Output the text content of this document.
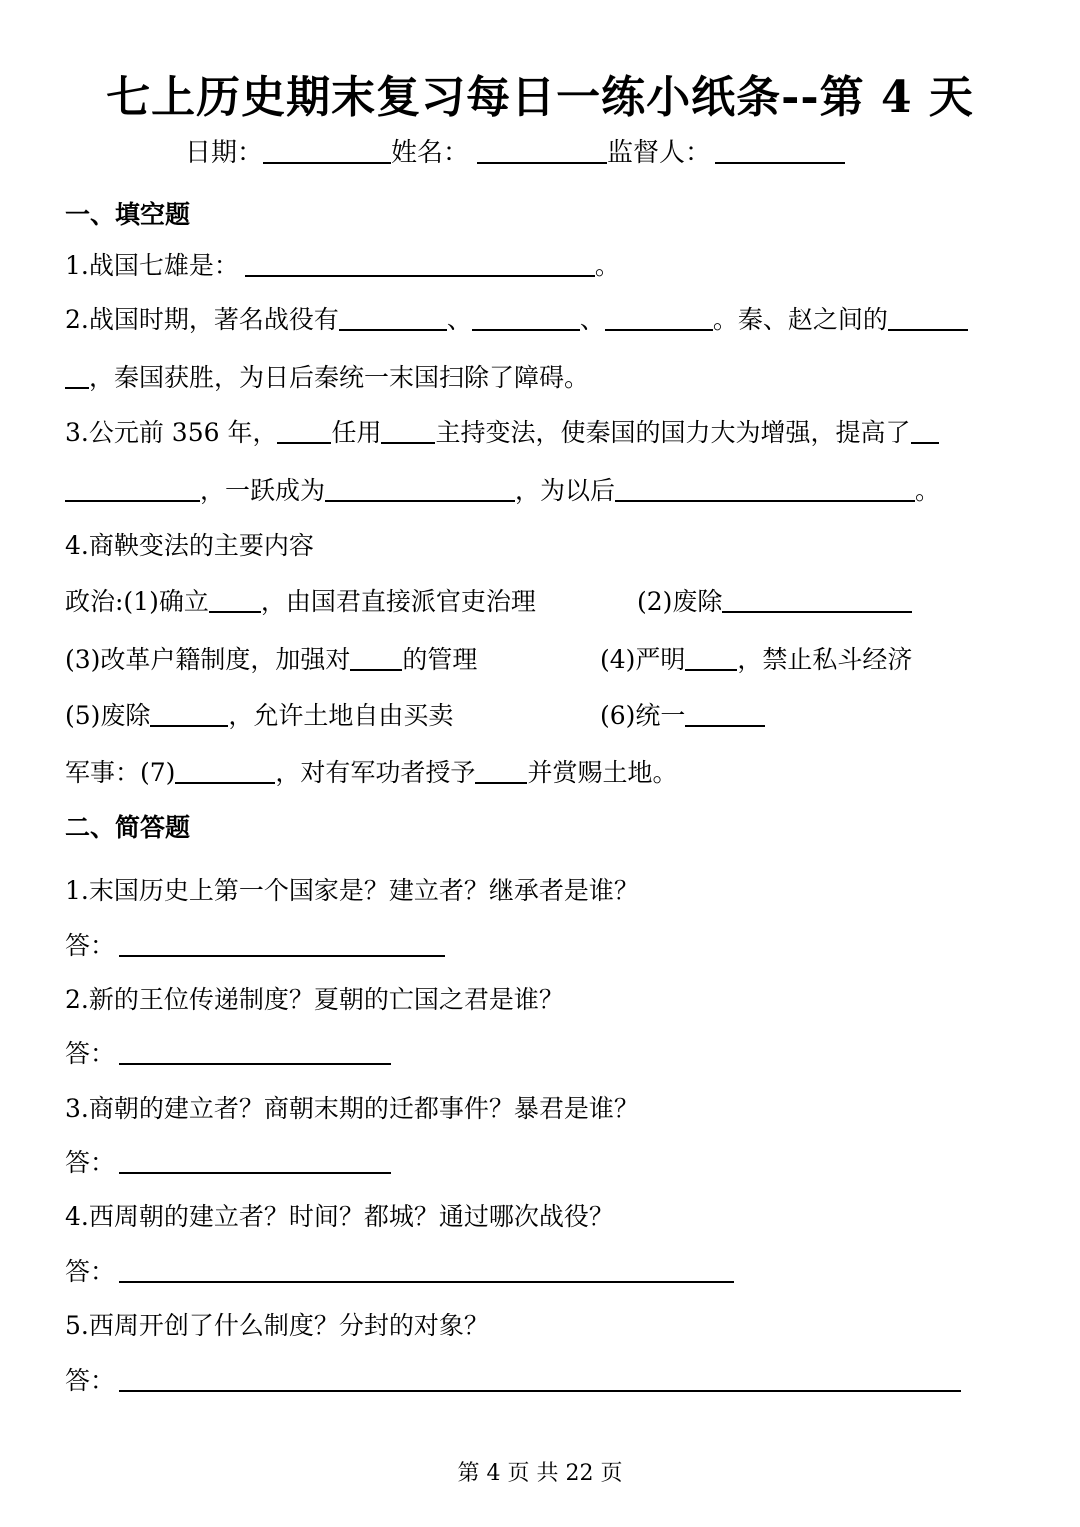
七上历史期末复习每日一练小纸条--第 4 天
日期：	姓名：	监督人：
一、填空题
1.战国七雄是：	。
2.战国时期，著名战役有	、	、	。秦、赵之间的
，秦国获胜，为日后秦统一末国扫除了障碍。
3.公元前 356 年， 任用 主持变法，使秦国的国力大为增强，提高了
，一跃成为	，为以后	。
4.商鞅变法的主要内容
政治:(1)确立 ，由国君直接派官吏治理	(2)废除
(3)改革户籍制度，加强对 的管理	(4)严明 ，禁止私斗经济
(5)废除	，允许土地自由买卖	(6)统一
军事：(7)	，对有军功者授予 并赏赐土地。
二、简答题
1.末国历史上第一个国家是？建立者？继承者是谁？
答：
2.新的王位传递制度？夏朝的亡国之君是谁？
答：
3.商朝的建立者？商朝末期的迁都事件？暴君是谁？
答：
4.西周朝的建立者？时间？都城？通过哪次战役？
答：
5.西周开创了什么制度？分封的对象？
答：
第 4 页 共 22 页
